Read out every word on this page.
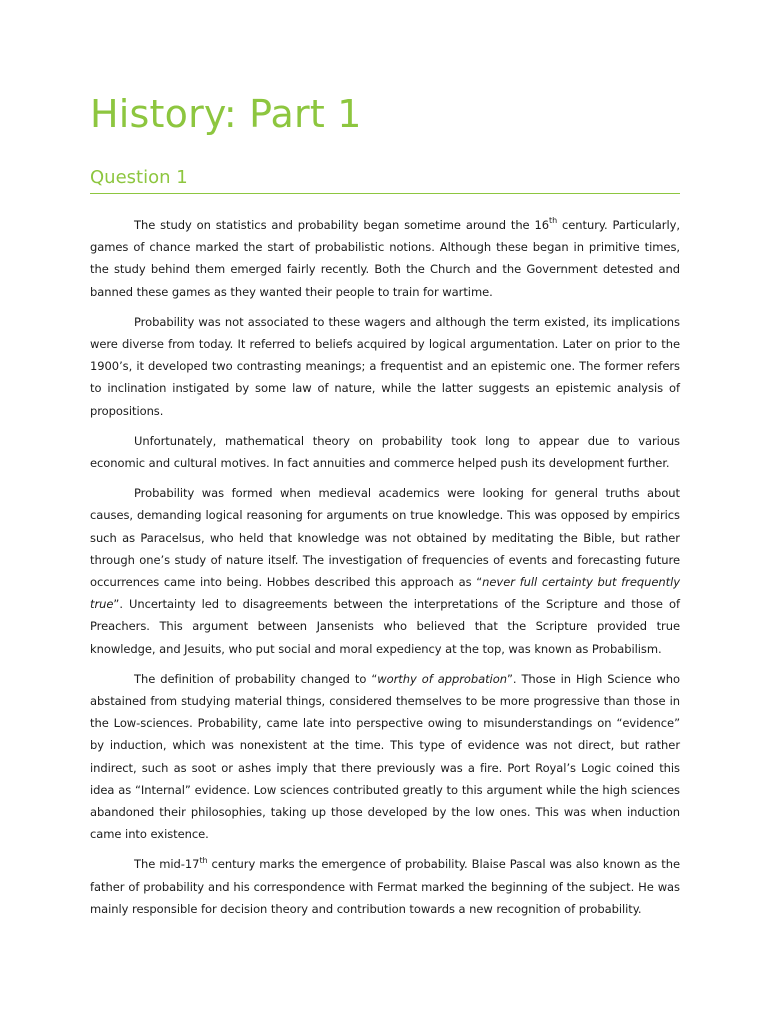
History: Part 1
Question 1

The study on statistics and probability began sometime around the 16th century. Particularly, games of chance marked the start of probabilistic notions. Although these began in primitive times, the study behind them emerged fairly recently. Both the Church and the Government detested and banned these games as they wanted their people to train for wartime.

Probability was not associated to these wagers and although the term existed, its implications were diverse from today. It referred to beliefs acquired by logical argumentation. Later on prior to the 1900’s, it developed two contrasting meanings; a frequentist and an epistemic one. The former refers to inclination instigated by some law of nature, while the latter suggests an epistemic analysis of propositions.

Unfortunately, mathematical theory on probability took long to appear due to various economic and cultural motives. In fact annuities and commerce helped push its development further.

Probability was formed when medieval academics were looking for general truths about causes, demanding logical reasoning for arguments on true knowledge. This was opposed by empirics such as Paracelsus, who held that knowledge was not obtained by meditating the Bible, but rather through one’s study of nature itself. The investigation of frequencies of events and forecasting future occurrences came into being. Hobbes described this approach as “never full certainty but frequently true”. Uncertainty led to disagreements between the interpretations of the Scripture and those of Preachers. This argument between Jansenists who believed that the Scripture provided true knowledge, and Jesuits, who put social and moral expediency at the top, was known as Probabilism.

The definition of probability changed to “worthy of approbation”. Those in High Science who abstained from studying material things, considered themselves to be more progressive than those in the Low-sciences. Probability, came late into perspective owing to misunderstandings on “evidence” by induction, which was nonexistent at the time. This type of evidence was not direct, but rather indirect, such as soot or ashes imply that there previously was a fire. Port Royal’s Logic coined this idea as “Internal” evidence. Low sciences contributed greatly to this argument while the high sciences abandoned their philosophies, taking up those developed by the low ones. This was when induction came into existence.

The mid-17th century marks the emergence of probability. Blaise Pascal was also known as the father of probability and his correspondence with Fermat marked the beginning of the subject. He was mainly responsible for decision theory and contribution towards a new recognition of probability.
